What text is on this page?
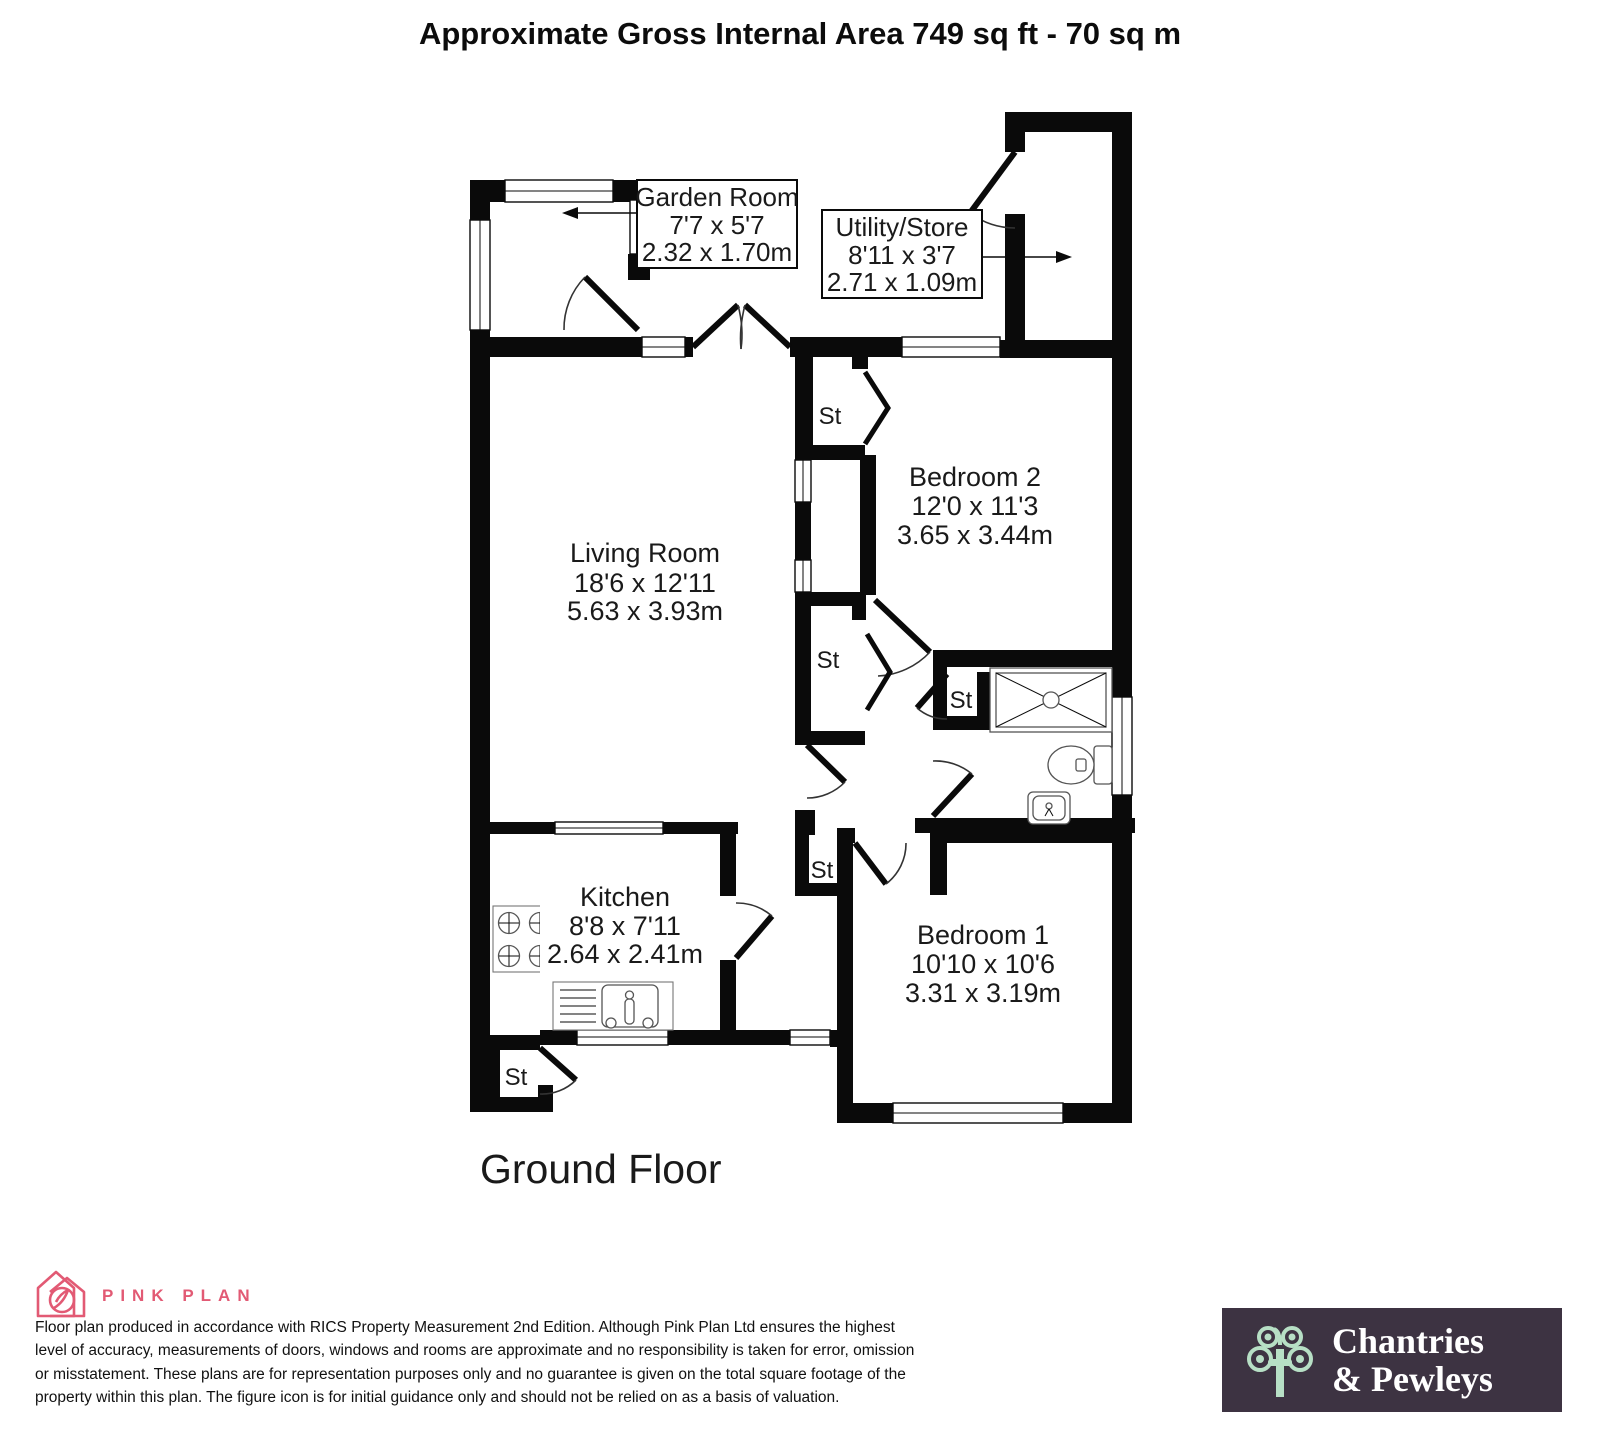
Approximate Gross Internal Area 749 sq ft - 70 sq m
Garden Room
7'7 x 5'7
2.32 x 1.70m
Utility/Store
8'11 x 3'7
2.71 x 1.09m
Living Room
18'6 x 12'11
5.63 x 3.93m
Bedroom 2
12'0 x 11'3
3.65 x 3.44m
Kitchen
8'8 x 7'11
2.64 x 2.41m
Bedroom 1
10'10 x 10'6
3.31 x 3.19m
St
St
St
St
St
Ground Floor
PINK PLAN
Floor plan produced in accordance with RICS Property Measurement 2nd Edition. Although Pink Plan Ltd ensures the highest level of accuracy, measurements of doors, windows and rooms are approximate and no responsibility is taken for error, omission or misstatement. These plans are for representation purposes only and no guarantee is given on the total square footage of the property within this plan. The figure icon is for initial guidance only and should not be relied on as a basis of valuation.
Chantries
& Pewleys
